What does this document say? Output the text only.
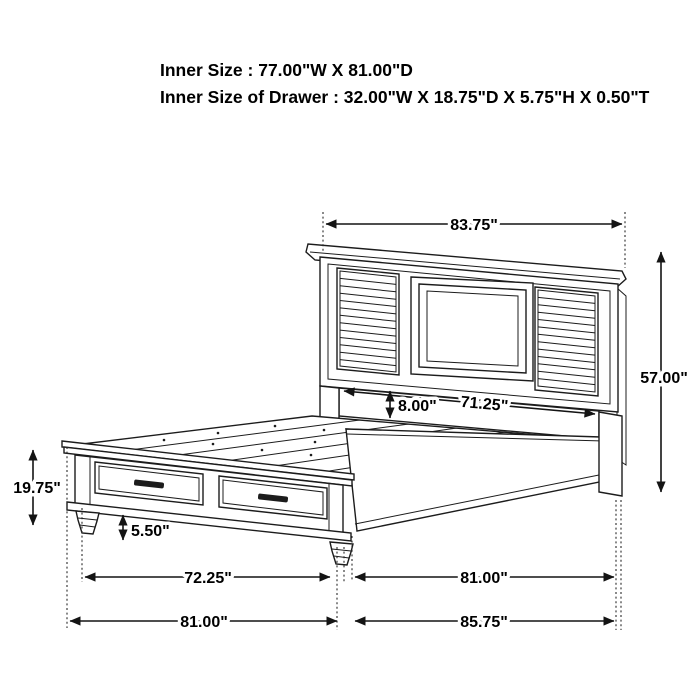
Inner Size : 77.00"W X 81.00"D
Inner Size of Drawer : 32.00"W X 18.75"D X 5.75"H X 0.50"T
83.75"
57.00"
19.75"
8.00" 71.25"
5.50"
72.25"	81.00"
81.00"	85.75"
